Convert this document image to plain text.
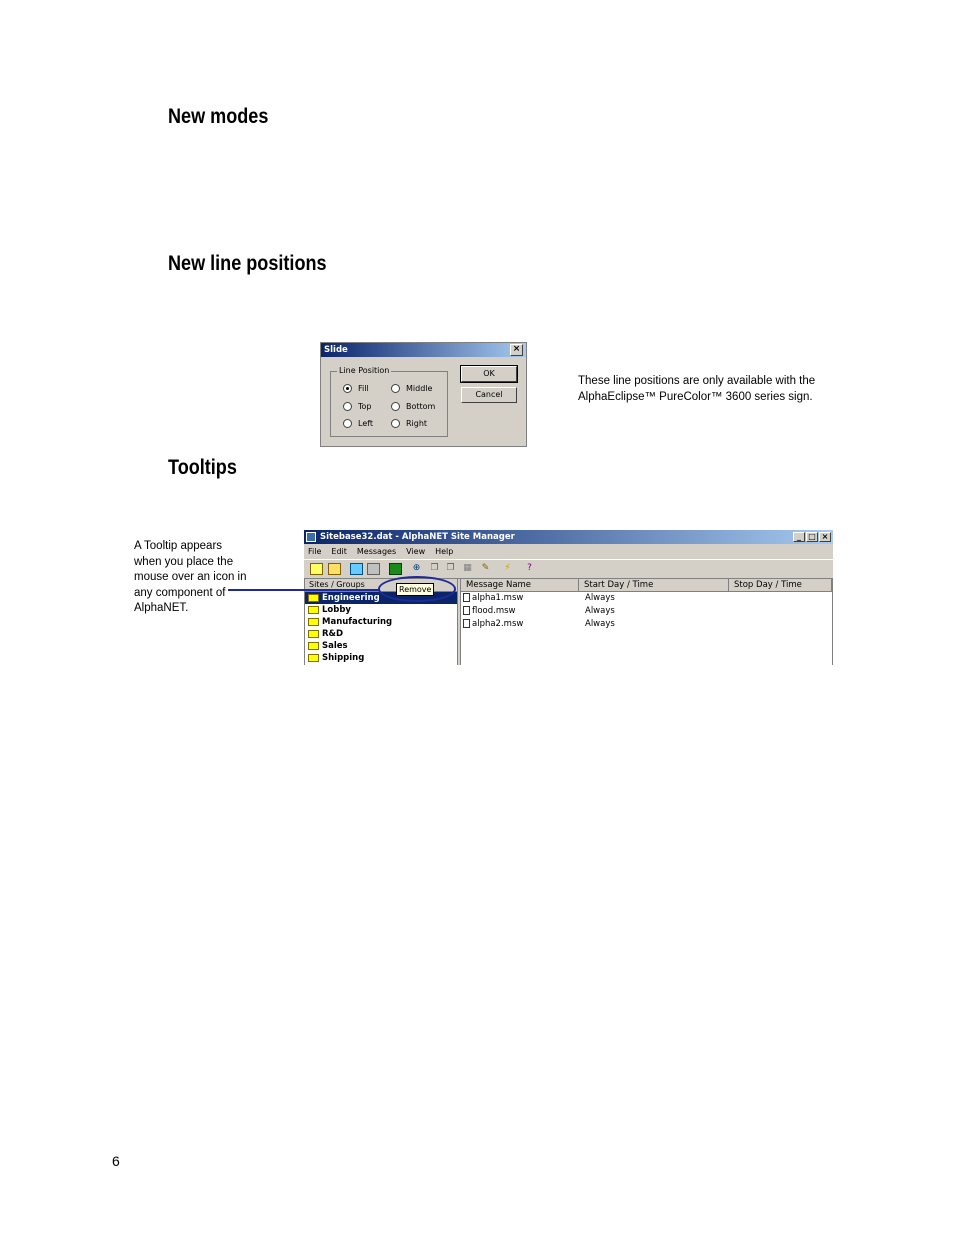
New modes
New line positions
Tooltips
Slide	×
Line Position
Fill	Middle
Top	Bottom
Left	Right
OK
Cancel
These line positions are only available with the AlphaEclipse™ PureColor™ 3600 series sign.
A Tooltip appears when you place the mouse over an icon in any component of AlphaNET.
Sitebase32.dat - AlphaNET Site Manager	_ □ ×
File Edit Messages View Help
⊕ ❐ ❐ ▦ ✎ ⚡	?
Sites / Groups
Engineering
Lobby
Manufacturing
R&D
Sales
Shipping
Message Name	Start Day / Time	Stop Day / Time
alpha1.msw	Always
flood.msw	Always
alpha2.msw	Always
Remove
6
